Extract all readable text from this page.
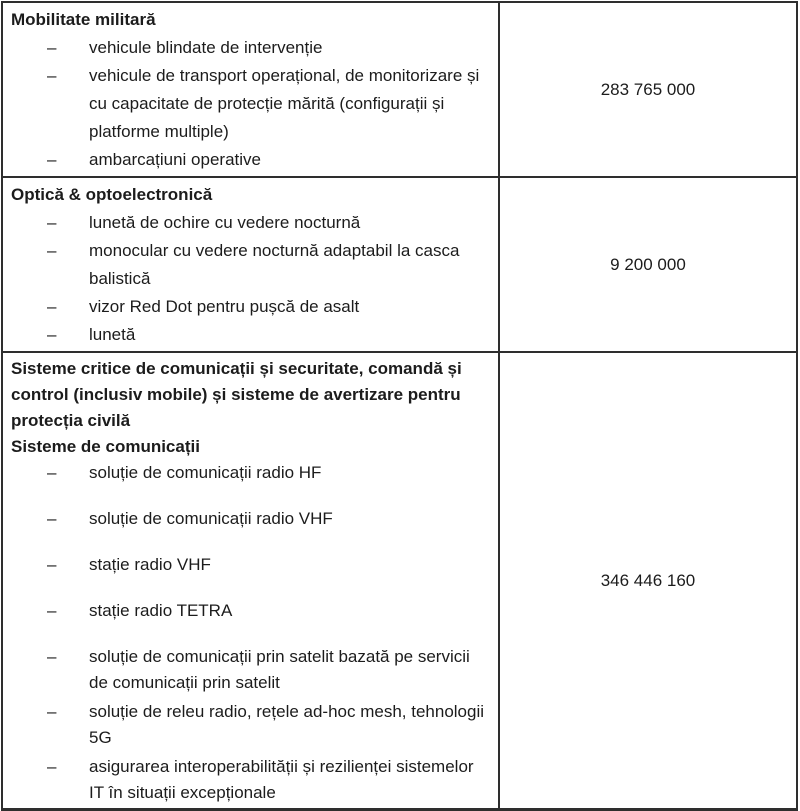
Mobilitate militară
–	vehicule blindate de intervenție
–	vehicule de transport operațional, de monitorizare și cu capacitate de protecție mărită (configurații și platforme multiple)
–	ambarcațiuni operative
	283 765 000

Optică & optoelectronică
–	lunetă de ochire cu vedere nocturnă
–	monocular cu vedere nocturnă adaptabil la casca balistică
–	vizor Red Dot pentru pușcă de asalt
–	lunetă
	9 200 000

Sisteme critice de comunicații și securitate, comandă și control (inclusiv mobile) și sisteme de avertizare pentru protecția civilă
Sisteme de comunicații
–	soluție de comunicații radio HF
–	soluție de comunicații radio VHF
–	stație radio VHF
–	stație radio TETRA
–	soluție de comunicații prin satelit bazată pe servicii de comunicații prin satelit
–	soluție de releu radio, rețele ad-hoc mesh, tehnologii 5G
–	asigurarea interoperabilității și rezilienței sistemelor IT în situații excepționale
	346 446 160
